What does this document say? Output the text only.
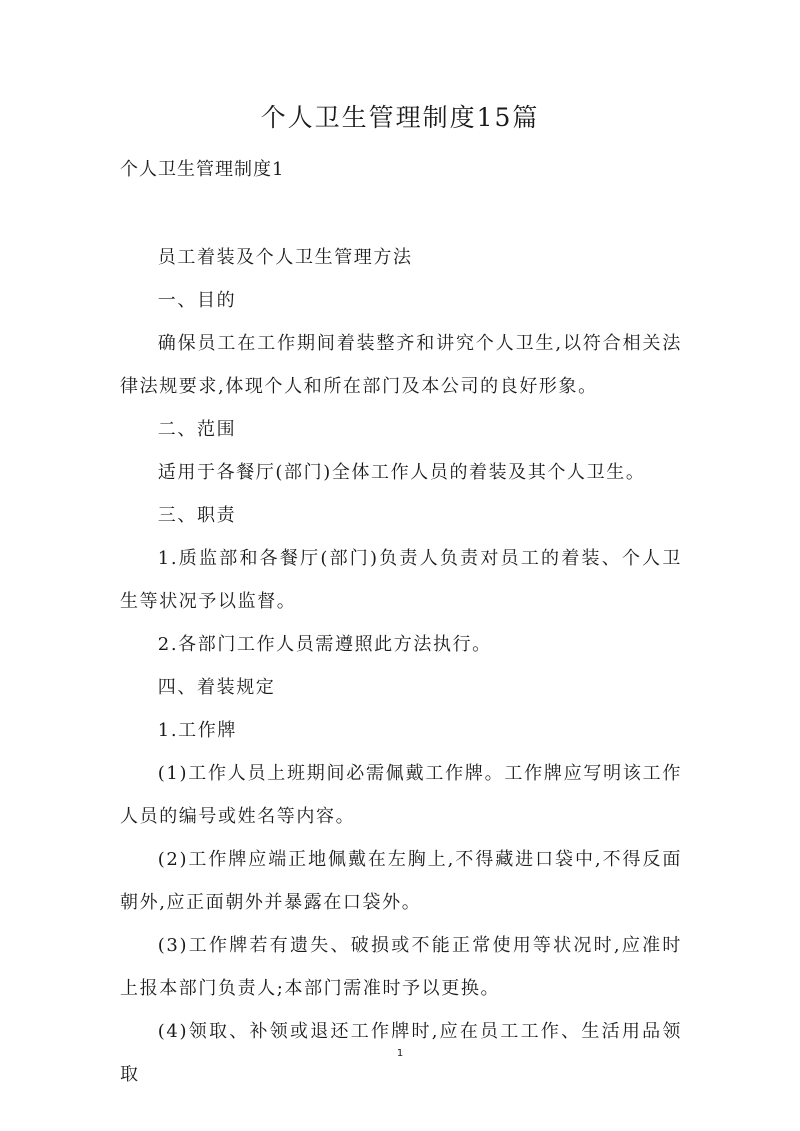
个人卫生管理制度15篇
个人卫生管理制度1

员工着装及个人卫生管理方法

一、目的

确保员工在工作期间着装整齐和讲究个人卫生,以符合相关法律法规要求,体现个人和所在部门及本公司的良好形象。

二、范围

适用于各餐厅(部门)全体工作人员的着装及其个人卫生。

三、职责

1.质监部和各餐厅(部门)负责人负责对员工的着装、个人卫生等状况予以监督。

2.各部门工作人员需遵照此方法执行。

四、着装规定

1.工作牌

(1)工作人员上班期间必需佩戴工作牌。工作牌应写明该工作人员的编号或姓名等内容。

(2)工作牌应端正地佩戴在左胸上,不得藏进口袋中,不得反面朝外,应正面朝外并暴露在口袋外。

(3)工作牌若有遗失、破损或不能正常使用等状况时,应准时上报本部门负责人;本部门需准时予以更换。

(4)领取、补领或退还工作牌时,应在员工工作、生活用品领取

1
